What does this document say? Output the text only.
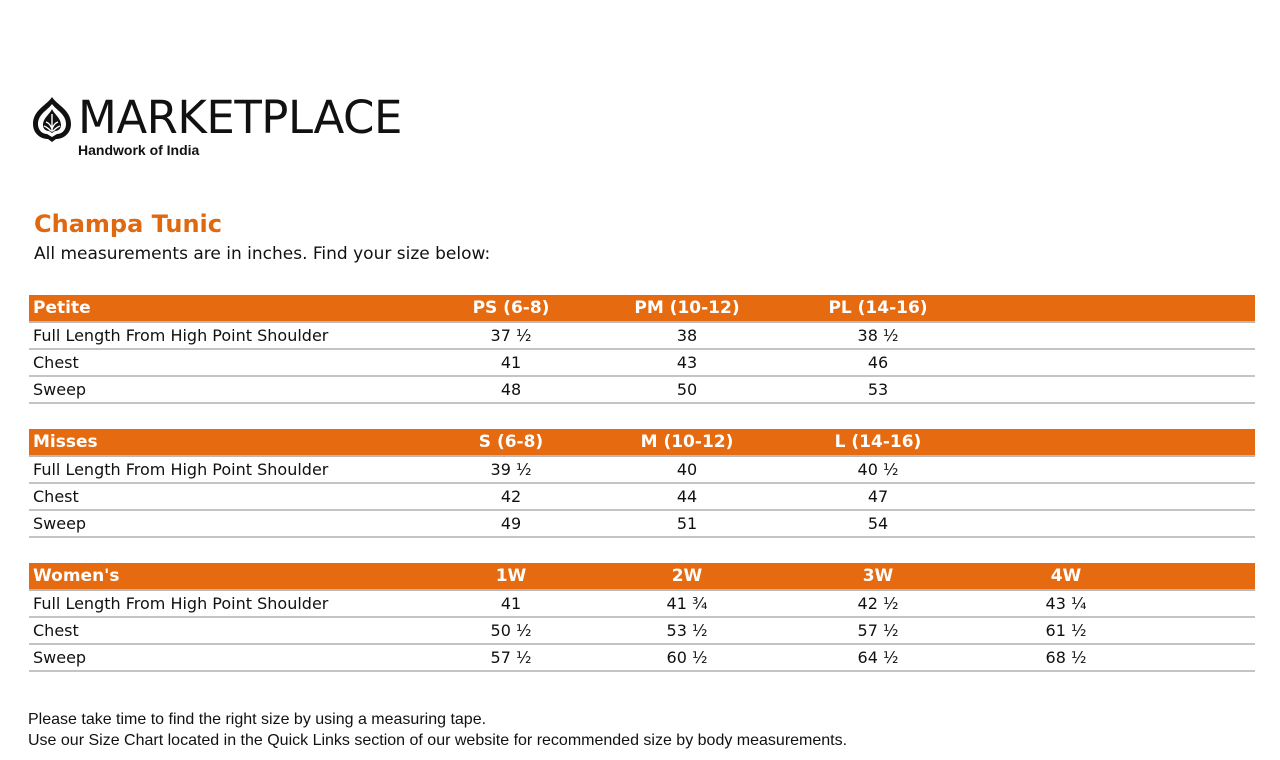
MARKETPLACE
Handwork of India
Champa Tunic
All measurements are in inches. Find your size below:
Petite	PS (6-8)	PM (10-12)	PL (14-16)
Full Length From High Point Shoulder	37 ½	38	38 ½
Chest	41	43	46
Sweep	48	50	53
Misses	S (6-8)	M (10-12)	L (14-16)
Full Length From High Point Shoulder	39 ½	40	40 ½
Chest	42	44	47
Sweep	49	51	54
Women's	1W	2W	3W	4W
Full Length From High Point Shoulder	41	41 ¾	42 ½	43 ¼
Chest	50 ½	53 ½	57 ½	61 ½
Sweep	57 ½	60 ½	64 ½	68 ½
Please take time to find the right size by using a measuring tape.
Use our Size Chart located in the Quick Links section of our website for recommended size by body measurements.
